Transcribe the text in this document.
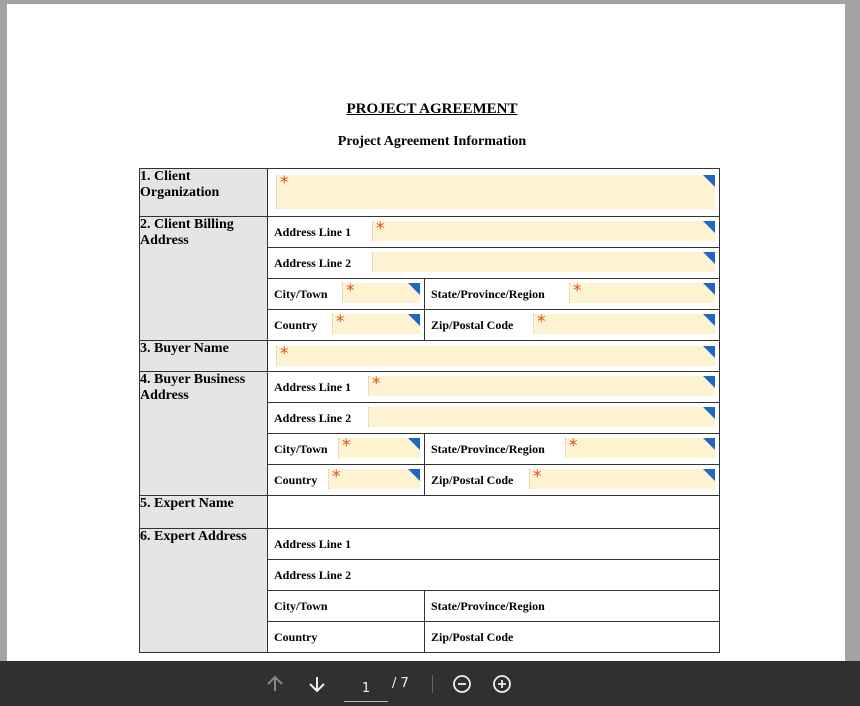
PROJECT AGREEMENT
Project Agreement Information
1. Client Organization	*	

2. Client Billing Address	Address Line 1 *	

	Address Line 2	

	City/Town *	State/Province/Region *

	Country *	Zip/Postal Code *

3. Buyer Name	*	

4. Buyer Business Address	Address Line 1 *	

	Address Line 2	

	City/Town *	State/Province/Region *

	Country *	Zip/Postal Code *

5. Expert Name		
6. Expert Address	Address Line 1	

	Address Line 2	

	City/Town	State/Province/Region

	Country	Zip/Postal Code
1
/ 7
